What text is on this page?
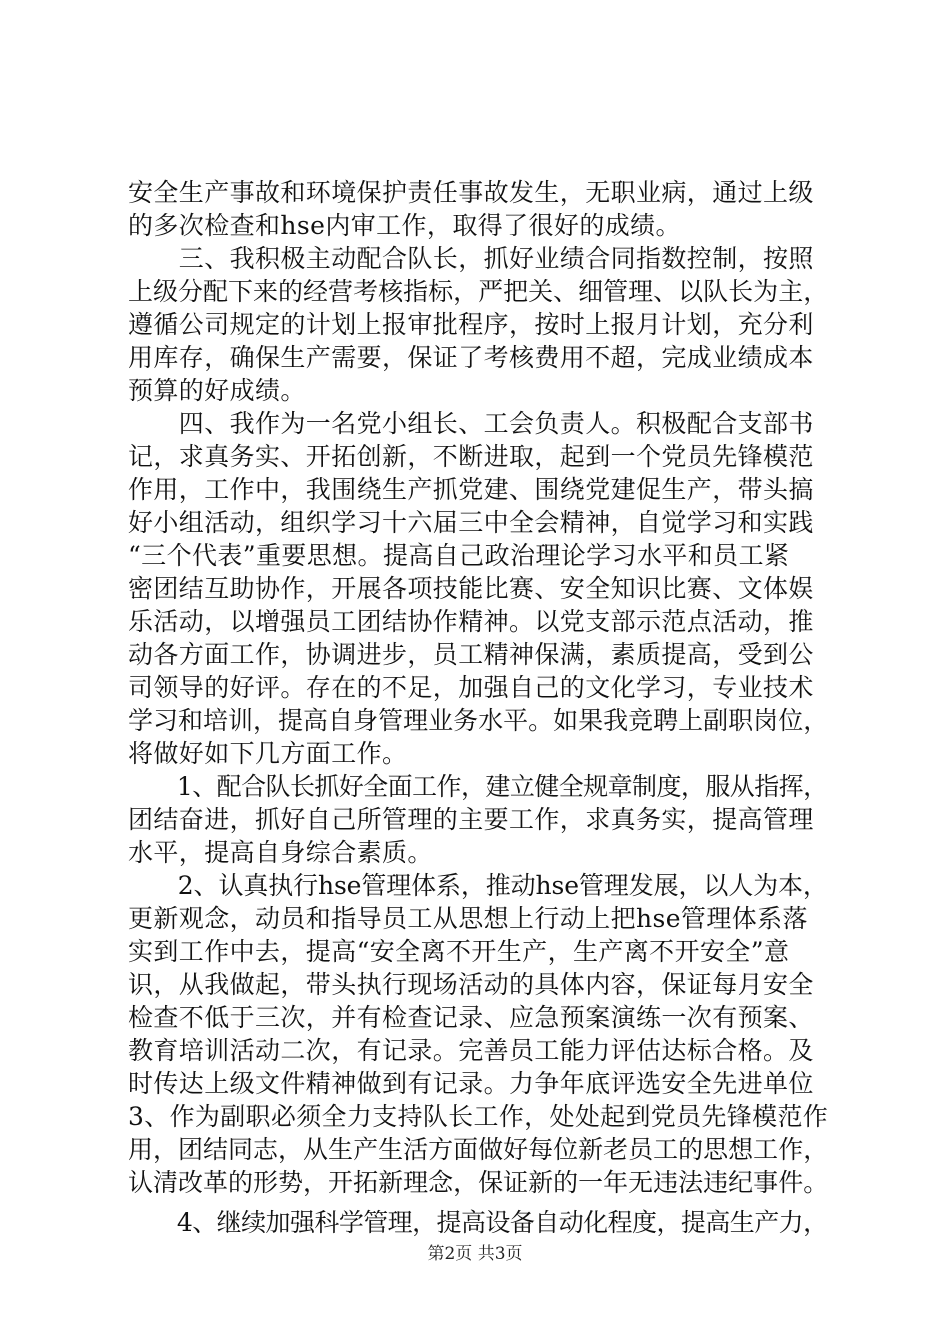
安全生产事故和环境保护责任事故发生，无职业病，通过上级
的多次检查和hse内审工作，取得了很好的成绩。
　　三、我积极主动配合队长，抓好业绩合同指数控制，按照
上级分配下来的经营考核指标，严把关、细管理、以队长为主，
遵循公司规定的计划上报审批程序，按时上报月计划，充分利
用库存，确保生产需要，保证了考核费用不超，完成业绩成本
预算的好成绩。
　　四、我作为一名党小组长、工会负责人。积极配合支部书
记，求真务实、开拓创新，不断进取，起到一个党员先锋模范
作用，工作中，我围绕生产抓党建、围绕党建促生产，带头搞
好小组活动，组织学习十六届三中全会精神，自觉学习和实践
“三个代表”重要思想。提高自己政治理论学习水平和员工紧
密团结互助协作，开展各项技能比赛、安全知识比赛、文体娱
乐活动，以增强员工团结协作精神。以党支部示范点活动，推
动各方面工作，协调进步，员工精神保满，素质提高，受到公
司领导的好评。存在的不足，加强自己的文化学习，专业技术
学习和培训，提高自身管理业务水平。如果我竞聘上副职岗位，
将做好如下几方面工作。
　　1、配合队长抓好全面工作，建立健全规章制度，服从指挥，
团结奋进，抓好自己所管理的主要工作，求真务实，提高管理
水平，提高自身综合素质。
　　2、认真执行hse管理体系，推动hse管理发展，以人为本，
更新观念，动员和指导员工从思想上行动上把hse管理体系落
实到工作中去，提高“安全离不开生产，生产离不开安全”意
识，从我做起，带头执行现场活动的具体内容，保证每月安全
检查不低于三次，并有检查记录、应急预案演练一次有预案、
教育培训活动二次，有记录。完善员工能力评估达标合格。及
时传达上级文件精神做到有记录。力争年底评选安全先进单位
3、作为副职必须全力支持队长工作，处处起到党员先锋模范作
用，团结同志，从生产生活方面做好每位新老员工的思想工作，
认清改革的形势，开拓新理念，保证新的一年无违法违纪事件。
　　4、继续加强科学管理，提高设备自动化程度，提高生产力，
第2页 共3页
